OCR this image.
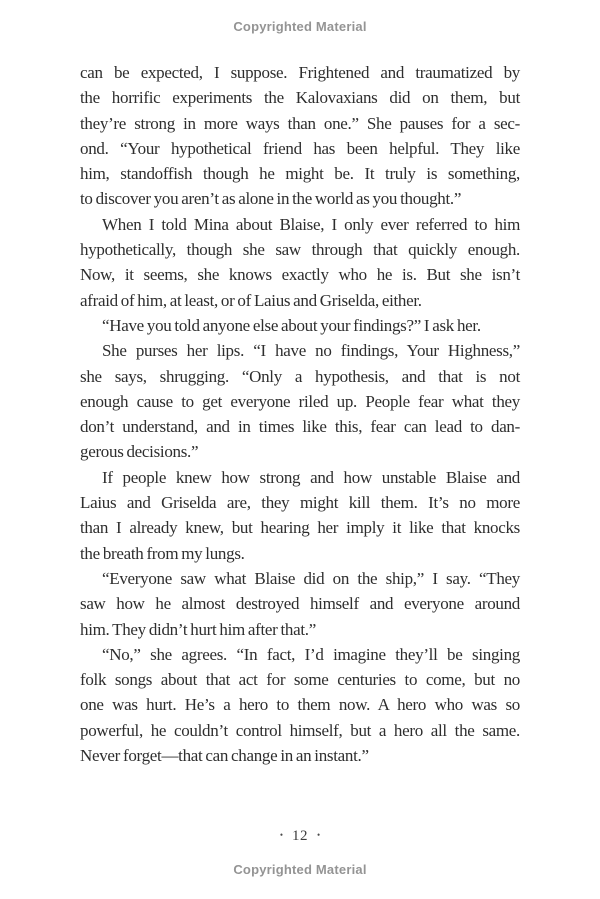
Copyrighted Material

can be expected, I suppose. Frightened and traumatized by
the horrific experiments the Kalovaxians did on them, but
they’re strong in more ways than one.” She pauses for a sec-
ond. “Your hypothetical friend has been helpful. They like
him, standoffish though he might be. It truly is something,
to discover you aren’t as alone in the world as you thought.”

When I told Mina about Blaise, I only ever referred to him
hypothetically, though she saw through that quickly enough.
Now, it seems, she knows exactly who he is. But she isn’t
afraid of him, at least, or of Laius and Griselda, either.

“Have you told anyone else about your findings?” I ask her.

She purses her lips. “I have no findings, Your Highness,”
she says, shrugging. “Only a hypothesis, and that is not
enough cause to get everyone riled up. People fear what they
don’t understand, and in times like this, fear can lead to dan-
gerous decisions.”

If people knew how strong and how unstable Blaise and
Laius and Griselda are, they might kill them. It’s no more
than I already knew, but hearing her imply it like that knocks
the breath from my lungs.

“Everyone saw what Blaise did on the ship,” I say. “They
saw how he almost destroyed himself and everyone around
him. They didn’t hurt him after that.”

“No,” she agrees. “In fact, I’d imagine they’ll be singing
folk songs about that act for some centuries to come, but no
one was hurt. He’s a hero to them now. A hero who was so
powerful, he couldn’t control himself, but a hero all the same.
Never forget—that can change in an instant.”

• 12 •
Copyrighted Material
